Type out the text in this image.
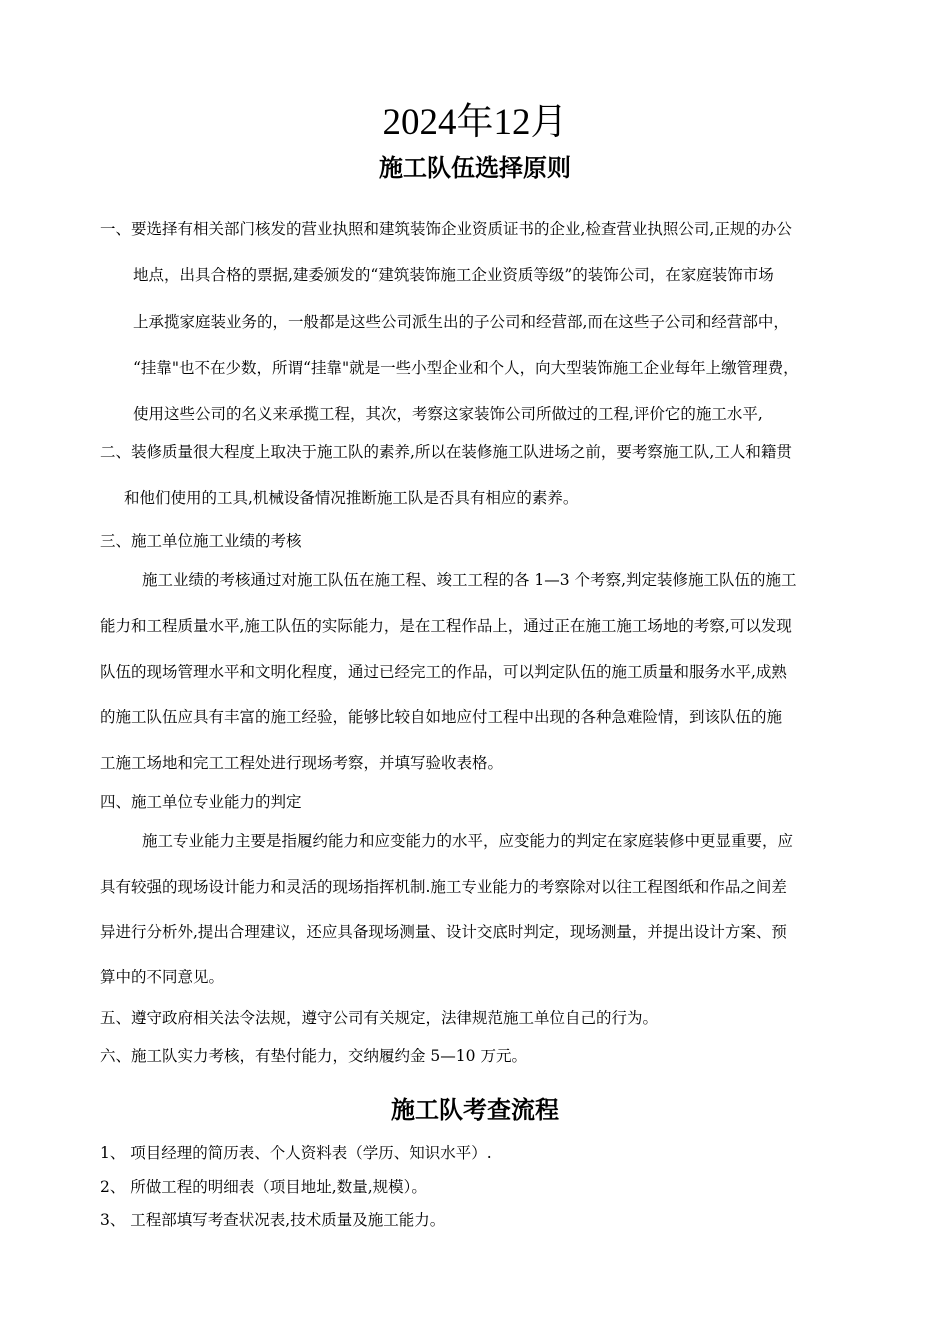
2024年12月
施工队伍选择原则
一、要选择有相关部门核发的营业执照和建筑装饰企业资质证书的企业,检查营业执照公司,正规的办公
地点，出具合格的票据,建委颁发的“建筑装饰施工企业资质等级”的装饰公司，在家庭装饰市场
上承揽家庭装业务的，一般都是这些公司派生出的子公司和经营部,而在这些子公司和经营部中，
“挂靠"也不在少数，所谓“挂靠"就是一些小型企业和个人，向大型装饰施工企业每年上缴管理费，
使用这些公司的名义来承揽工程，其次，考察这家装饰公司所做过的工程,评价它的施工水平,
二、装修质量很大程度上取决于施工队的素养,所以在装修施工队进场之前，要考察施工队,工人和籍贯
和他们使用的工具,机械设备情况推断施工队是否具有相应的素养。
三、施工单位施工业绩的考核
施工业绩的考核通过对施工队伍在施工程、竣工工程的各 1—3 个考察,判定装修施工队伍的施工
能力和工程质量水平,施工队伍的实际能力，是在工程作品上，通过正在施工施工场地的考察,可以发现
队伍的现场管理水平和文明化程度，通过已经完工的作品，可以判定队伍的施工质量和服务水平,成熟
的施工队伍应具有丰富的施工经验，能够比较自如地应付工程中出现的各种急难险情，到该队伍的施
工施工场地和完工工程处进行现场考察，并填写验收表格。
四、施工单位专业能力的判定
施工专业能力主要是指履约能力和应变能力的水平，应变能力的判定在家庭装修中更显重要，应
具有较强的现场设计能力和灵活的现场指挥机制.施工专业能力的考察除对以往工程图纸和作品之间差
异进行分析外,提出合理建议，还应具备现场测量、设计交底时判定，现场测量，并提出设计方案、预
算中的不同意见。
五、遵守政府相关法令法规，遵守公司有关规定，法律规范施工单位自己的行为。
六、施工队实力考核，有垫付能力，交纳履约金 5—10 万元。
施工队考查流程
1、 项目经理的简历表、个人资料表（学历、知识水平）.
2、 所做工程的明细表（项目地址,数量,规模）。
3、 工程部填写考查状况表,技术质量及施工能力。
